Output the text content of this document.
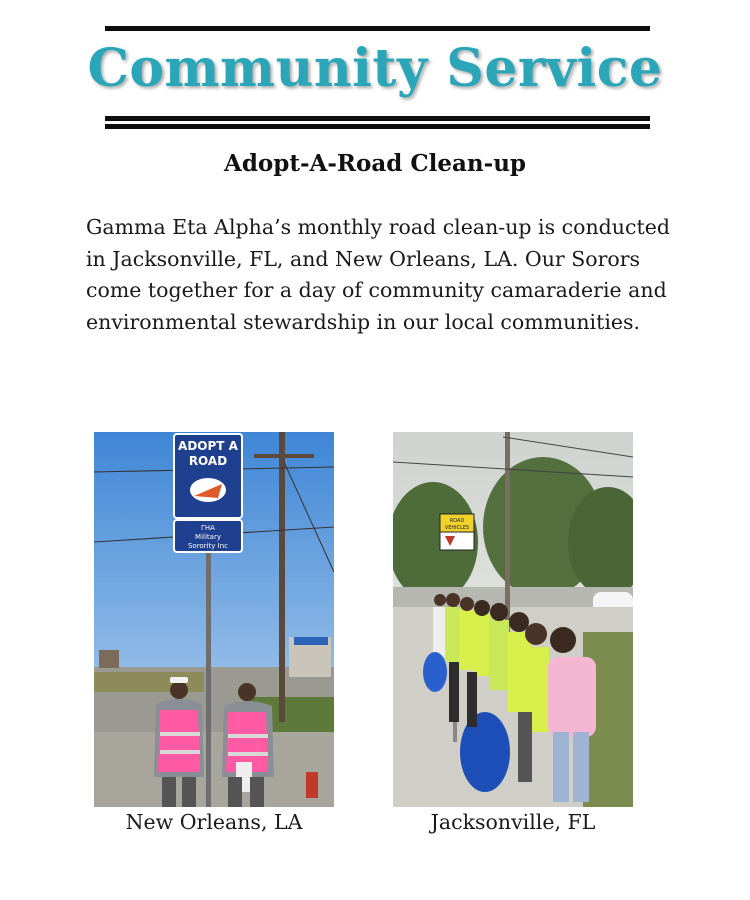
Community Service
Adopt-A-Road Clean-up

Gamma Eta Alpha’s monthly road clean-up is conducted in Jacksonville, FL, and New Orleans, LA. Our Sorors come together for a day of community camaraderie and environmental stewardship in our local communities.

ADOPT A
ROAD
ΓΗA
Military
Sorority Inc
New Orleans, LA
ROAD
VEHICLES
Jacksonville, FL
